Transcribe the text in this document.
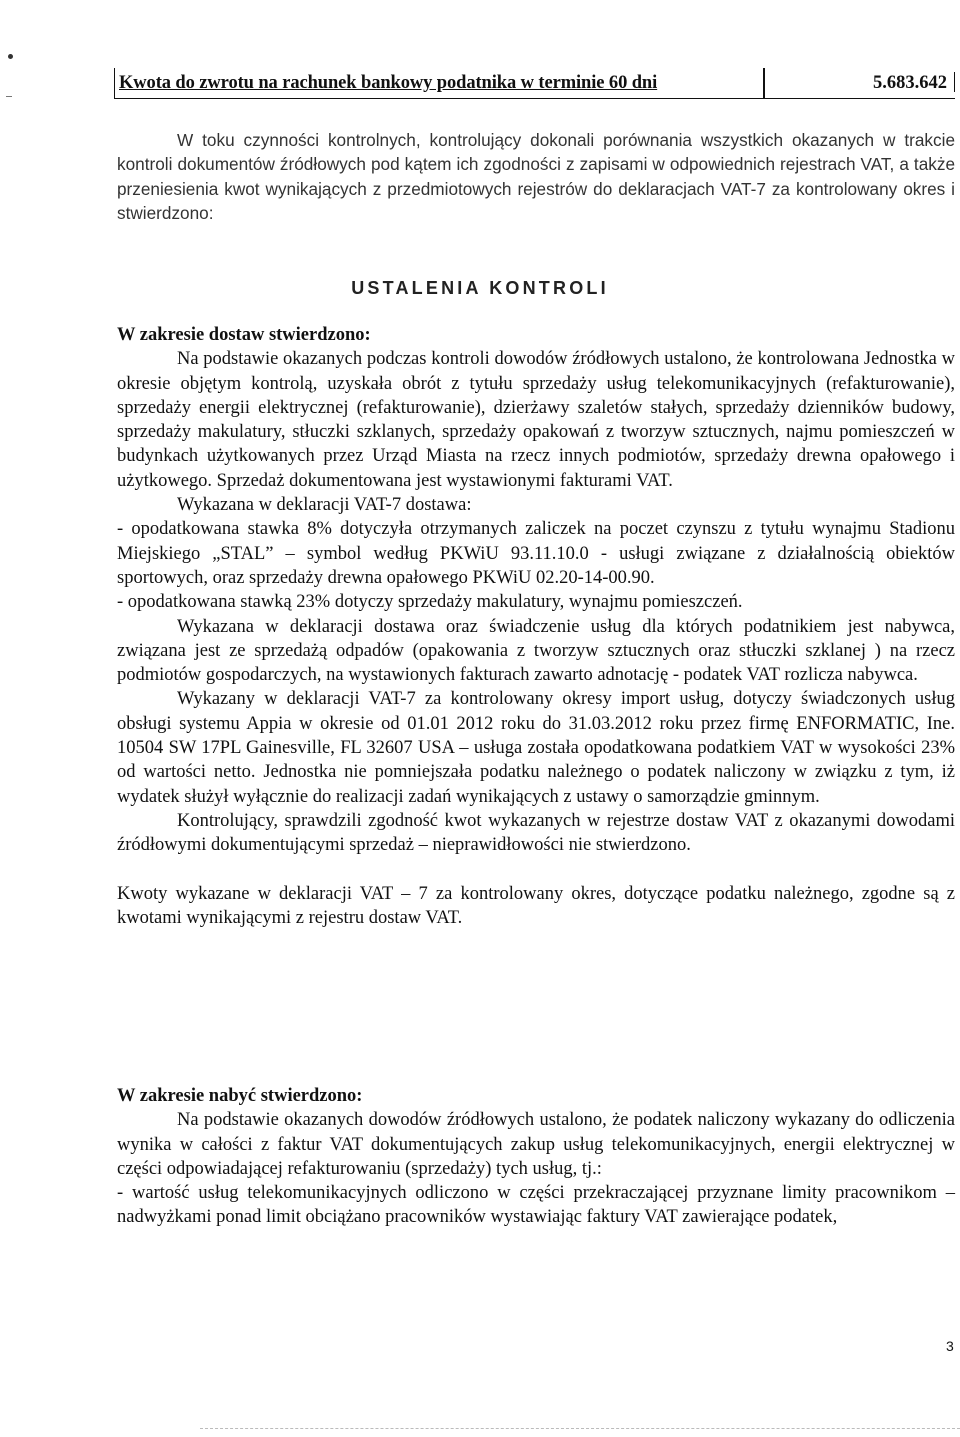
Kwota do zwrotu na rachunek bankowy podatnika w terminie 60 dni	5.683.642

W toku czynności kontrolnych, kontrolujący dokonali porównania wszystkich okazanych w trakcie kontroli dokumentów źródłowych pod kątem ich zgodności z zapisami w odpowiednich rejestrach VAT, a także przeniesienia kwot wynikających z przedmiotowych rejestrów do deklaracjach VAT-7 za kontrolowany okres i stwierdzono:

USTALENIA KONTROLI

W zakresie dostaw stwierdzono:

Na podstawie okazanych podczas kontroli dowodów źródłowych ustalono, że kontrolowana Jednostka w okresie objętym kontrolą, uzyskała obrót z tytułu sprzedaży usług telekomunikacyjnych (refakturowanie), sprzedaży energii elektrycznej (refakturowanie), dzierżawy szaletów stałych, sprzedaży dzienników budowy, sprzedaży makulatury, stłuczki szklanych, sprzedaży opakowań z tworzyw sztucznych, najmu pomieszczeń w budynkach użytkowanych przez Urząd Miasta na rzecz innych podmiotów, sprzedaży drewna opałowego i użytkowego. Sprzedaż dokumentowana jest wystawionymi fakturami VAT.

Wykazana w deklaracji VAT-7 dostawa:

- opodatkowana stawka 8% dotyczyła otrzymanych zaliczek na poczet czynszu z tytułu wynajmu Stadionu Miejskiego „STAL” – symbol według PKWiU 93.11.10.0 - usługi związane z działalnością obiektów sportowych, oraz sprzedaży drewna opałowego PKWiU 02.20-14-00.90.

- opodatkowana stawką 23% dotyczy sprzedaży makulatury, wynajmu pomieszczeń.

Wykazana w deklaracji dostawa oraz świadczenie usług dla których podatnikiem jest nabywca, związana jest ze sprzedażą odpadów (opakowania z tworzyw sztucznych oraz stłuczki szklanej ) na rzecz podmiotów gospodarczych, na wystawionych fakturach zawarto adnotację - podatek VAT rozlicza nabywca.

Wykazany w deklaracji VAT-7 za kontrolowany okresy import usług, dotyczy świadczonych usług obsługi systemu Appia w okresie od 01.01 2012 roku do 31.03.2012 roku przez firmę ENFORMATIC, Ine. 10504 SW 17PL Gainesville, FL 32607 USA – usługa została opodatkowana podatkiem VAT w wysokości 23% od wartości netto. Jednostka nie pomniejszała podatku należnego o podatek naliczony w związku z tym, iż wydatek służył wyłącznie do realizacji zadań wynikających z ustawy o samorządzie gminnym.

Kontrolujący, sprawdzili zgodność kwot wykazanych w rejestrze dostaw VAT z okazanymi dowodami źródłowymi dokumentującymi sprzedaż – nieprawidłowości nie stwierdzono.

Kwoty wykazane w deklaracji VAT – 7 za kontrolowany okres, dotyczące podatku należnego, zgodne są z kwotami wynikającymi z rejestru dostaw VAT.

W zakresie nabyć stwierdzono:

Na podstawie okazanych dowodów źródłowych ustalono, że podatek naliczony wykazany do odliczenia wynika w całości z faktur VAT dokumentujących zakup usług telekomunikacyjnych, energii elektrycznej w części odpowiadającej refakturowaniu (sprzedaży) tych usług, tj.:

- wartość usług telekomunikacyjnych odliczono w części przekraczającej przyznane limity pracownikom – nadwyżkami ponad limit obciążano pracowników wystawiając faktury VAT zawierające podatek,

3
